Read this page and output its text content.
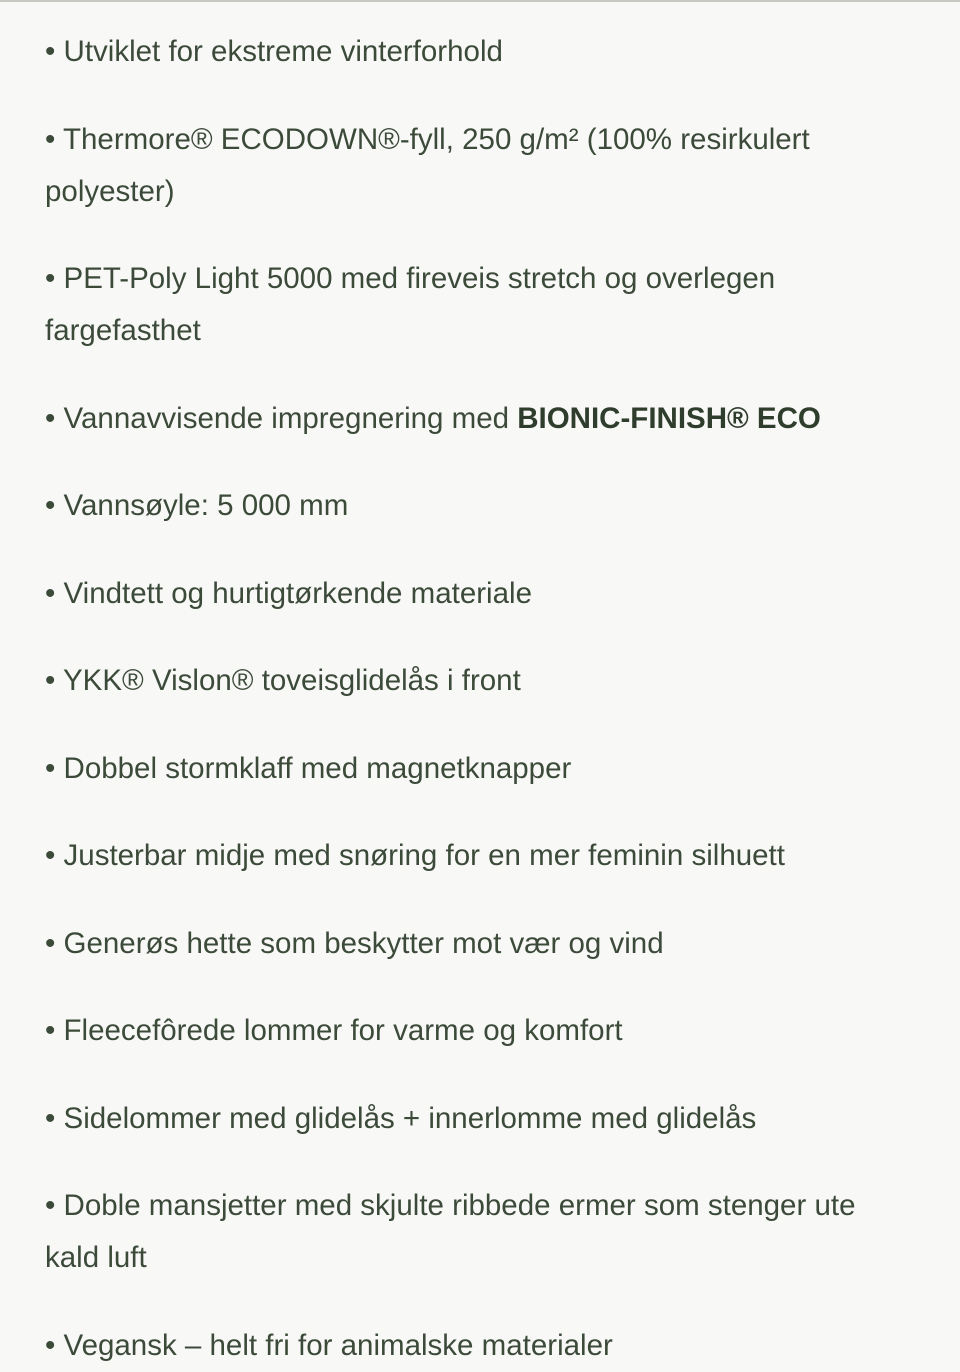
• Utviklet for ekstreme vinterforhold
• Thermore® ECODOWN®-fyll, 250 g/m² (100% resirkulert polyester)
• PET-Poly Light 5000 med fireveis stretch og overlegen fargefasthet
• Vannavvisende impregnering med BIONIC-FINISH® ECO
• Vannsøyle: 5 000 mm
• Vindtett og hurtigtørkende materiale
• YKK® Vislon® toveisglidelås i front
• Dobbel stormklaff med magnetknapper
• Justerbar midje med snøring for en mer feminin silhuett
• Generøs hette som beskytter mot vær og vind
• Fleecefôrede lommer for varme og komfort
• Sidelommer med glidelås + innerlomme med glidelås
• Doble mansjetter med skjulte ribbede ermer som stenger ute kald luft
• Vegansk – helt fri for animalske materialer
